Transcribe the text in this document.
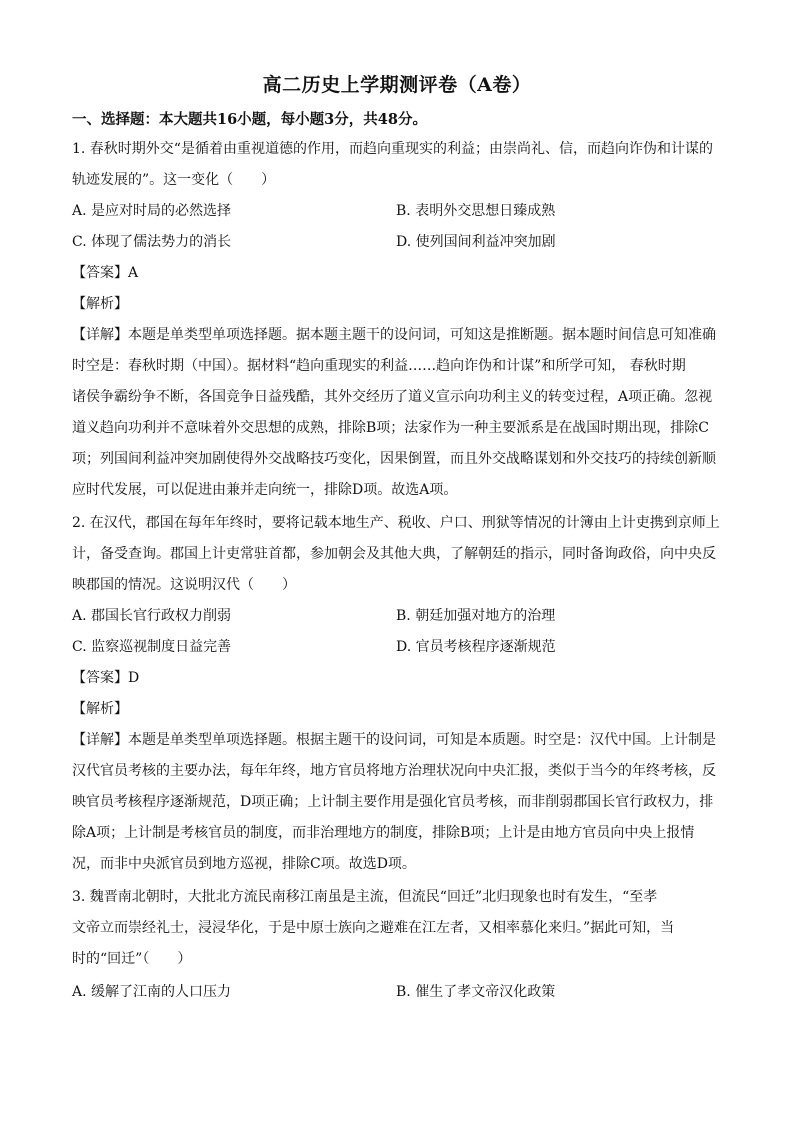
高二历史上学期测评卷（A卷）
一、选择题：本大题共16小题，每小题3分，共48分。
1. 春秋时期外交“是循着由重视道德的作用，而趋向重现实的利益；由崇尚礼、信，而趋向诈伪和计谋的
轨迹发展的”。这一变化（　　）
A. 是应对时局的必然选择	B. 表明外交思想日臻成熟
C. 体现了儒法势力的消长	D. 使列国间利益冲突加剧
【答案】A
【解析】
【详解】本题是单类型单项选择题。据本题主题干的设问词，可知这是推断题。据本题时间信息可知准确
时空是：春秋时期（中国）。据材料“趋向重现实的利益……趋向诈伪和计谋”和所学可知， 春秋时期
诸侯争霸纷争不断，各国竞争日益残酷，其外交经历了道义宣示向功利主义的转变过程，A项正确。忽视
道义趋向功利并不意味着外交思想的成熟，排除B项；法家作为一种主要派系是在战国时期出现，排除C
项；列国间利益冲突加剧使得外交战略技巧变化，因果倒置，而且外交战略谋划和外交技巧的持续创新顺
应时代发展，可以促进由兼并走向统一，排除D项。故选A项。
2. 在汉代，郡国在每年年终时，要将记载本地生产、税收、户口、刑狱等情况的计簿由上计吏携到京师上
计，备受查询。郡国上计吏常驻首都，参加朝会及其他大典，了解朝廷的指示，同时备询政俗，向中央反
映郡国的情况。这说明汉代（　　）
A. 郡国长官行政权力削弱	B. 朝廷加强对地方的治理
C. 监察巡视制度日益完善	D. 官员考核程序逐渐规范
【答案】D
【解析】
【详解】本题是单类型单项选择题。根据主题干的设问词，可知是本质题。时空是：汉代中国。上计制是
汉代官员考核的主要办法，每年年终，地方官员将地方治理状况向中央汇报，类似于当今的年终考核，反
映官员考核程序逐渐规范，D项正确；上计制主要作用是强化官员考核，而非削弱郡国长官行政权力，排
除A项；上计制是考核官员的制度，而非治理地方的制度，排除B项；上计是由地方官员向中央上报情
况，而非中央派官员到地方巡视，排除C项。故选D项。
3. 魏晋南北朝时，大批北方流民南移江南虽是主流，但流民“回迁”北归现象也时有发生，“至孝
文帝立而崇经礼士，浸浸华化，于是中原士族向之避难在江左者，又相率慕化来归。”据此可知，当
时的“回迁”（　　）
A. 缓解了江南的人口压力	B. 催生了孝文帝汉化政策
